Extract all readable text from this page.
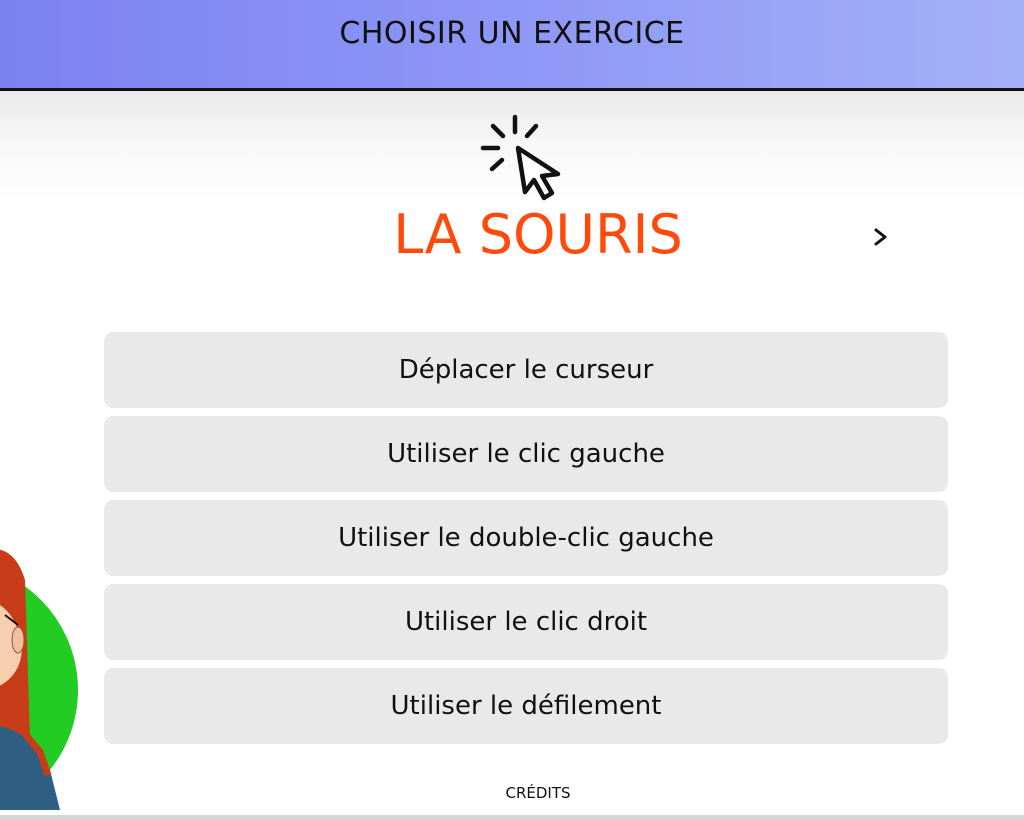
CHOISIR UN EXERCICE
LA SOURIS
Déplacer le curseur
Utiliser le clic gauche
Utiliser le double-clic gauche
Utiliser le clic droit
Utiliser le défilement
CRÉDITS
